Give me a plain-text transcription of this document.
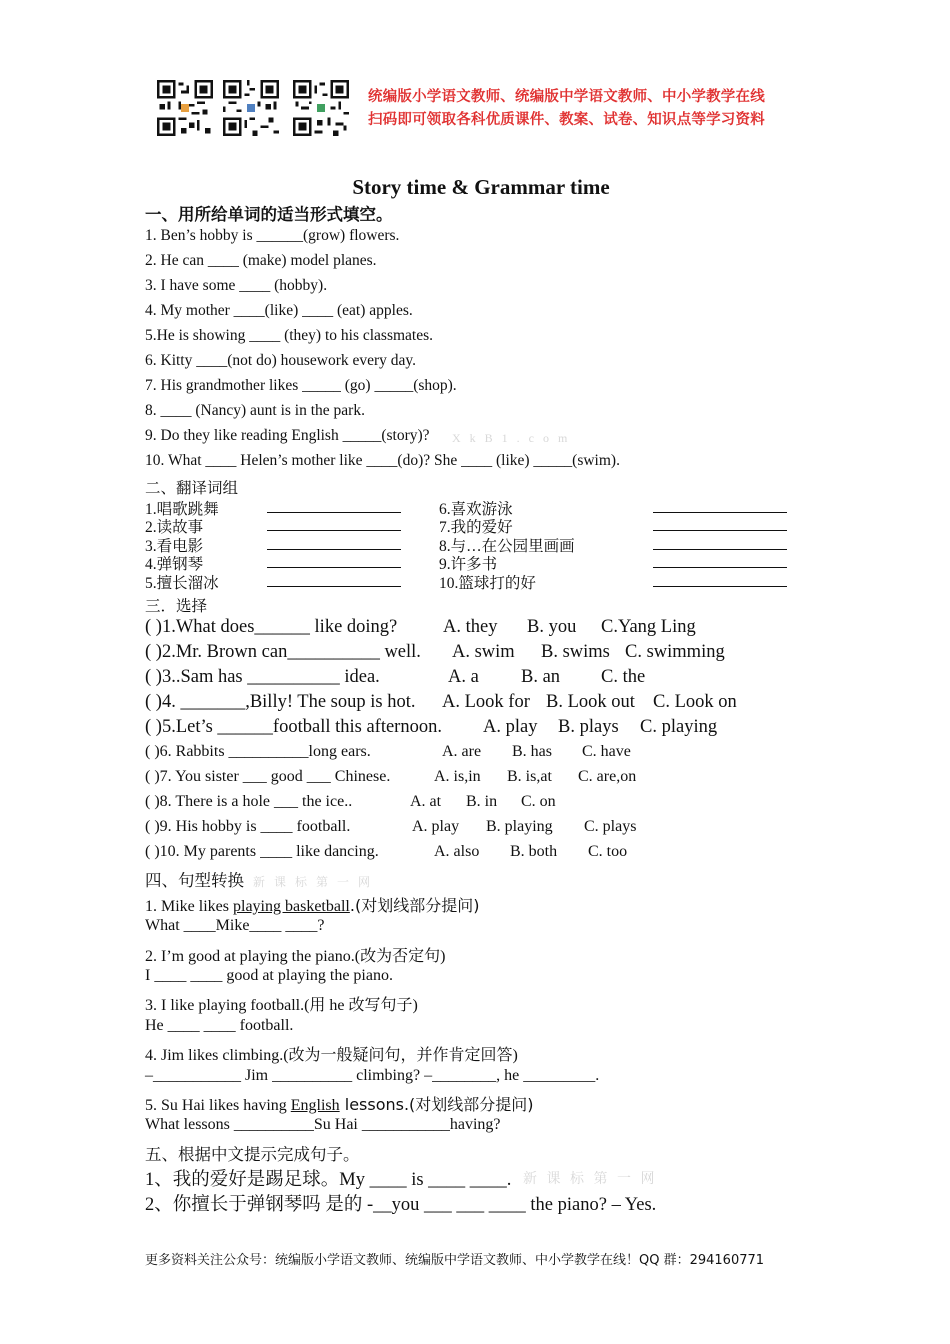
统编版小学语文教师、统编版中学语文教师、中小学教学在线
扫码即可领取各科优质课件、教案、试卷、知识点等学习资料
Story time & Grammar time
一、用所给单词的适当形式填空。
1. Ben’s hobby is ______(grow) flowers.
2. He can ____ (make) model planes.
3. I have some ____ (hobby).
4. My mother ____(like) ____ (eat) apples.
5.He is showing ____ (they) to his classmates.
6. Kitty ____(not do) housework every day.
7. His grandmother likes _____ (go) _____(shop).
8. ____ (Nancy) aunt is in the park.
9. Do they like reading English _____(story)? X k B 1 . c o m
10. What ____ Helen’s mother like ____(do)? She ____ (like) _____(swim).
二、翻译词组
1.唱歌跳舞
2.读故事
3.看电影
4.弹钢琴
5.擅长溜冰
6.喜欢游泳
7.我的爱好
8.与…在公园里画画
9.许多书
10.篮球打的好
三．选择
( )1.What does______ like doing? A. they B. you C.Yang Ling
( )2.Mr. Brown can__________ well. A. swim B. swims C. swimming
( )3..Sam has __________ idea.	A. a B. an C. the
( )4. _______,Billy! The soup is hot. A. Look for B. Look out C. Look on
( )5.Let’s ______football this afternoon. A. play B. plays C. playing
( )6. Rabbits __________long ears.	A. are B. has C. have
( )7. You sister ___ good ___ Chinese.	A. is,in B. is,at C. are,on
( )8. There is a hole ___ the ice..	A. at B. in C. on
( )9. His hobby is ____ football.	A. play B. playing C. plays
( )10. My parents ____ like dancing.	A. also B. both C. too
四、句型转换 新 课 标 第 一 网
1. Mike likes playing basketball.(对划线部分提问)
What ____Mike____ ____?
2. I’m good at playing the piano.(改为否定句)
I ____ ____ good at playing the piano.
3. I like playing football.(用 he 改写句子)
He ____ ____ football.
4. Jim likes climbing.(改为一般疑问句，并作肯定回答)
–___________ Jim __________ climbing? –________, he _________.
5. Su Hai likes having English lessons.(对划线部分提问)
What lessons __________Su Hai ___________having?
五、根据中文提示完成句子。
1、我的爱好是踢足球。My ____ is ____ ____. 新 课 标 第 一 网
2、你擅长于弹钢琴吗 是的 -__you ___ ___ ____ the piano? – Yes.
更多资料关注公众号：统编版小学语文教师、统编版中学语文教师、中小学教学在线！QQ 群：294160771
